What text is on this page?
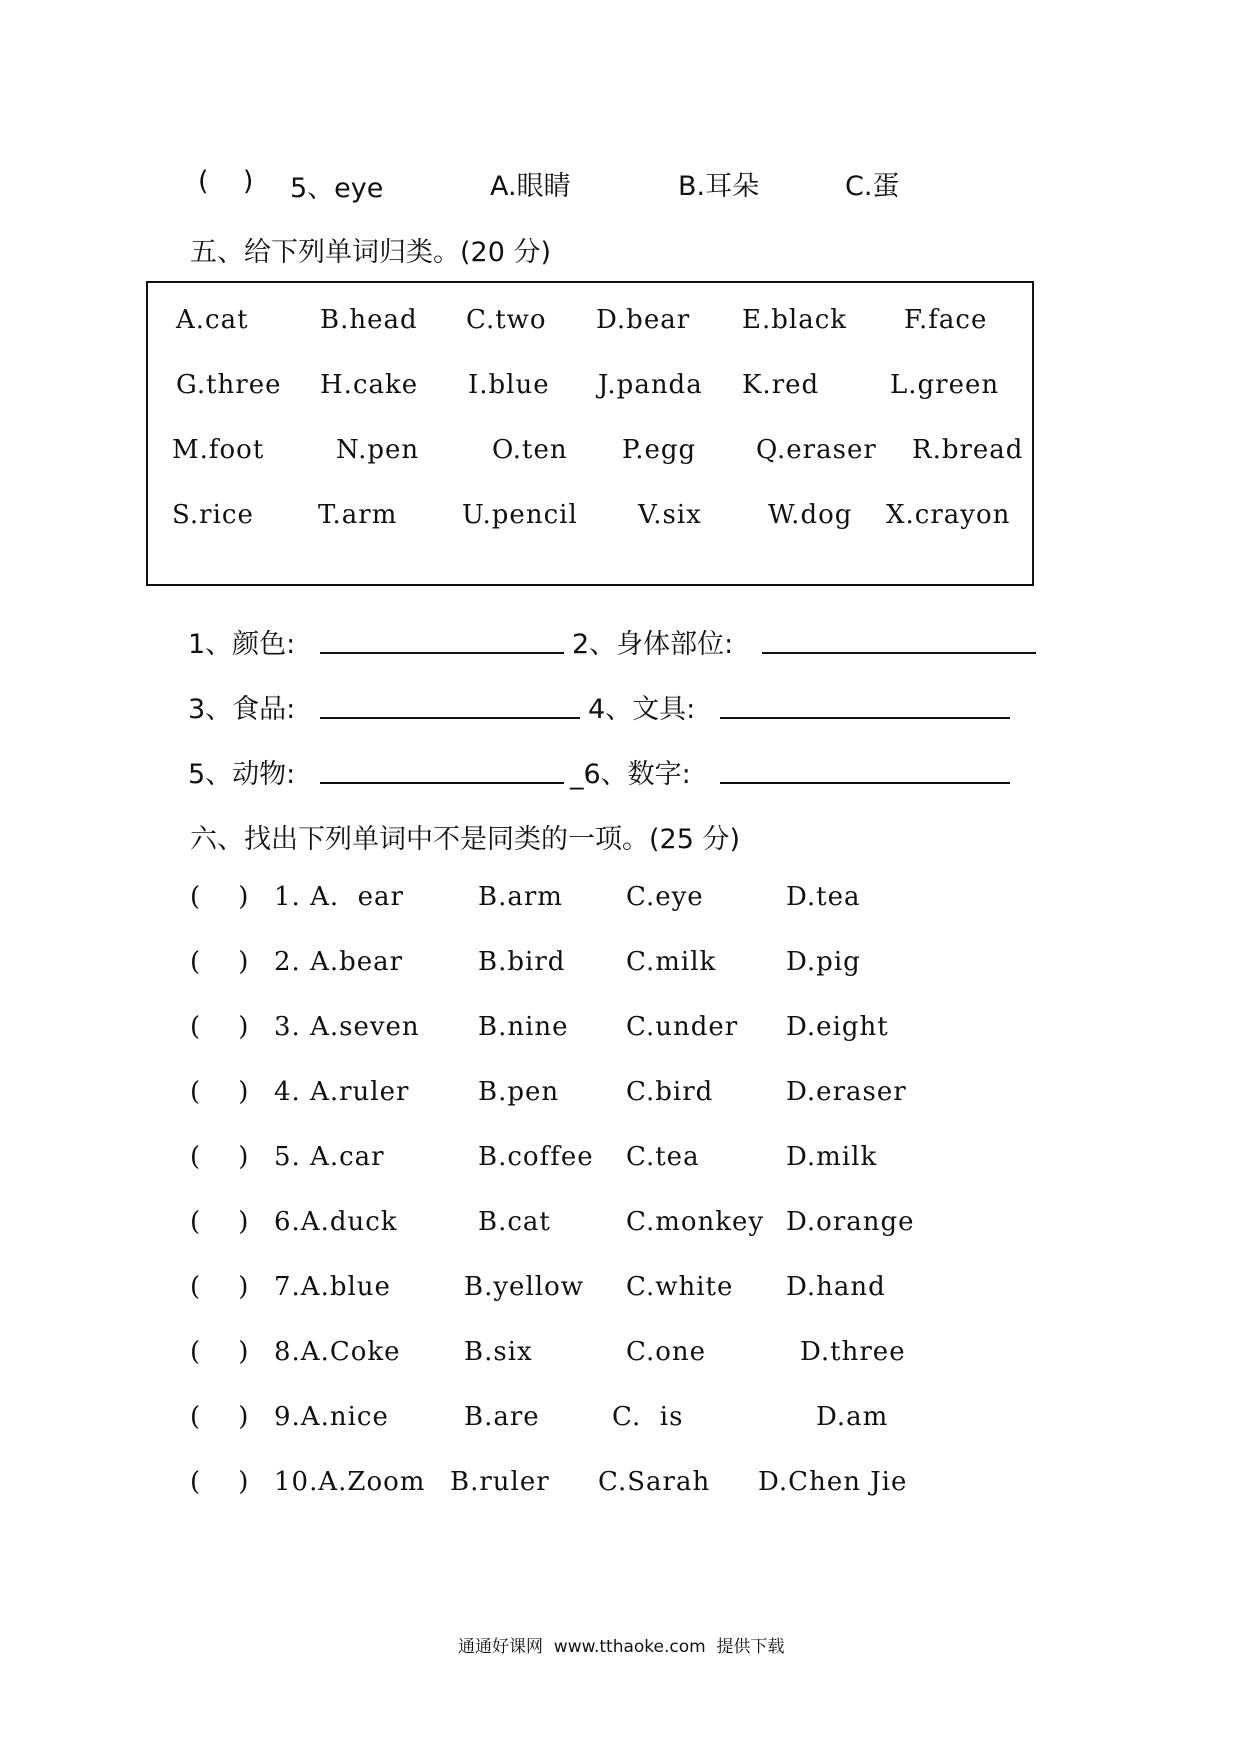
(    ) 5、eye	A.眼睛	B.耳朵	C.蛋
五、给下列单词归类。(20 分)
A.cat	B.head C.two D.bear E.black F.face
G.three H.cake I.blue J.panda K.red	L.green
M.foot	N.pen	O.ten P.egg Q.eraser R.bread
S.rice T.arm U.pencil V.six	W.dog X.crayon
1、颜色:	2、身体部位:
3、食品:	4、文具:
5、动物:	_6、数字:
六、找出下列单词中不是同类的一项。(25 分)
(    ) 1. A.  ear	B.arm C.eye	D.tea
(    ) 2. A.bear	B.bird C.milk	D.pig
(    ) 3. A.seven B.nine C.under D.eight
(    ) 4. A.ruler	B.pen	C.bird	D.eraser
(    ) 5. A.car	B.coffee C.tea	D.milk
(    ) 6.A.duck	B.cat	C.monkey D.orange
(    ) 7.A.blue	B.yellow C.white D.hand
(    ) 8.A.Coke B.six	C.one	D.three
(    ) 9.A.nice	B.are	C.  is	D.am
(    ) 10.A.Zoom B.ruler C.Sarah D.Chen Jie
通通好课网  www.tthaoke.com  提供下载
